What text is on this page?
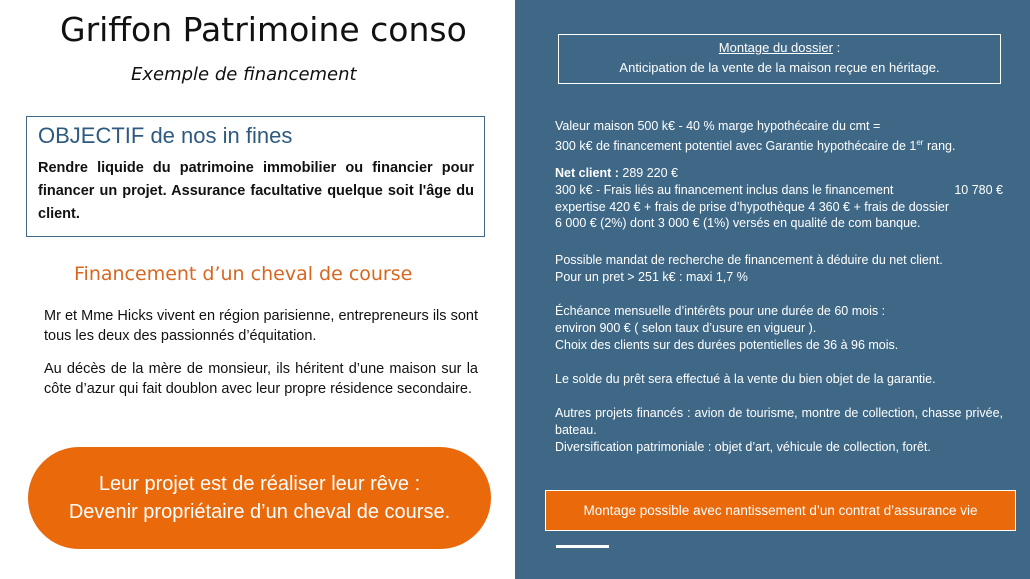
Griffon Patrimoine conso
Exemple de financement
OBJECTIF de nos in fines
Rendre liquide du patrimoine immobilier ou financier pour financer un projet. Assurance facultative quelque soit l'âge du client.
Financement d’un cheval de course
Mr et Mme Hicks vivent en région parisienne, entrepreneurs ils sont tous les deux des passionnés d’équitation.
Au décès de la mère de monsieur, ils héritent d’une maison sur la côte d’azur qui fait doublon avec leur propre résidence secondaire.
Leur projet est de réaliser leur rêve :
Devenir propriétaire d’un cheval de course.
Montage du dossier :
Anticipation de la vente de la maison reçue en héritage.
Valeur maison 500 k€ - 40 % marge hypothécaire du cmt =
300 k€ de financement potentiel avec Garantie hypothécaire de 1er rang.
Net client : 289 220 €
300 k€ - Frais liés au financement inclus dans le financement	10 780 €
expertise 420 € + frais de prise d’hypothèque 4 360 € + frais de dossier
6 000 € (2%) dont 3 000 € (1%) versés en qualité de com banque.
Possible mandat de recherche de financement à déduire du net client.
Pour un pret > 251 k€ : maxi 1,7 %
Échéance mensuelle d’intérêts pour une durée de 60 mois :
environ 900 € ( selon taux d’usure en vigueur ).
Choix des clients sur des durées potentielles de 36 à 96 mois.
Le solde du prêt sera effectué à la vente du bien objet de la garantie.
Autres projets financés : avion de tourisme, montre de collection, chasse privée, bateau.
Diversification patrimoniale : objet d’art, véhicule de collection, forêt.
Montage possible avec nantissement d’un contrat d’assurance vie
